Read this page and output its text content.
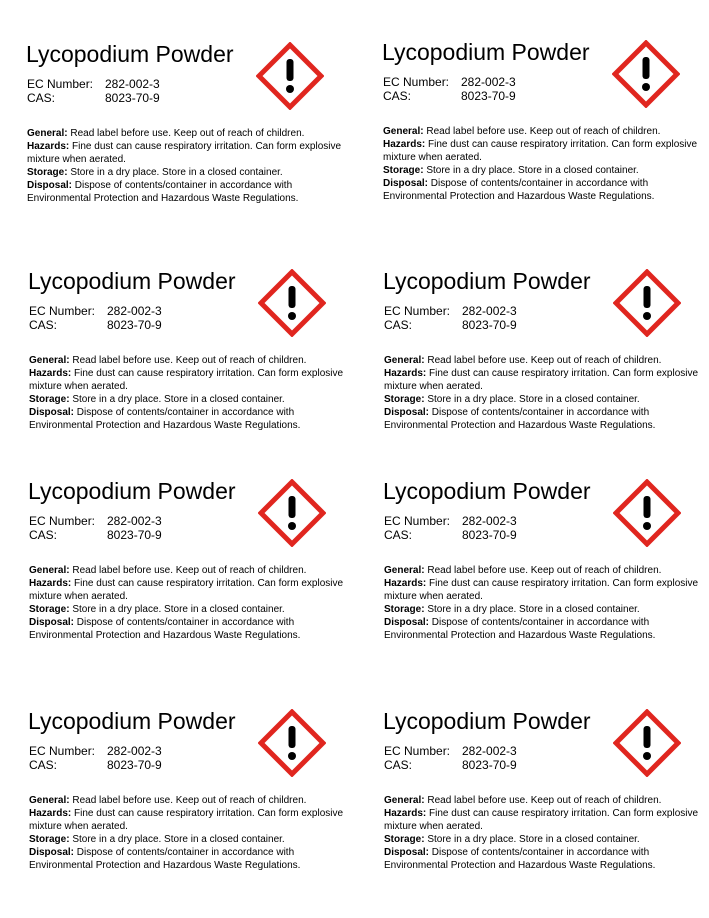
Lycopodium Powder
EC Number: 282-002-3
CAS:	8023-70-9

General: Read label before use. Keep out of reach of children.

Hazards: Fine dust can cause respiratory irritation. Can form explosive mixture when aerated.

Storage: Store in a dry place. Store in a closed container.

Disposal: Dispose of contents/container in accordance with Environmental Protection and Hazardous Waste Regulations.

Lycopodium Powder
EC Number: 282-002-3
CAS:	8023-70-9

General: Read label before use. Keep out of reach of children.

Hazards: Fine dust can cause respiratory irritation. Can form explosive mixture when aerated.

Storage: Store in a dry place. Store in a closed container.

Disposal: Dispose of contents/container in accordance with Environmental Protection and Hazardous Waste Regulations.

Lycopodium Powder
EC Number: 282-002-3
CAS:	8023-70-9

General: Read label before use. Keep out of reach of children.

Hazards: Fine dust can cause respiratory irritation. Can form explosive mixture when aerated.

Storage: Store in a dry place. Store in a closed container.

Disposal: Dispose of contents/container in accordance with Environmental Protection and Hazardous Waste Regulations.

Lycopodium Powder
EC Number: 282-002-3
CAS:	8023-70-9

General: Read label before use. Keep out of reach of children.

Hazards: Fine dust can cause respiratory irritation. Can form explosive mixture when aerated.

Storage: Store in a dry place. Store in a closed container.

Disposal: Dispose of contents/container in accordance with Environmental Protection and Hazardous Waste Regulations.

Lycopodium Powder
EC Number: 282-002-3
CAS:	8023-70-9

General: Read label before use. Keep out of reach of children.

Hazards: Fine dust can cause respiratory irritation. Can form explosive mixture when aerated.

Storage: Store in a dry place. Store in a closed container.

Disposal: Dispose of contents/container in accordance with Environmental Protection and Hazardous Waste Regulations.

Lycopodium Powder
EC Number: 282-002-3
CAS:	8023-70-9

General: Read label before use. Keep out of reach of children.

Hazards: Fine dust can cause respiratory irritation. Can form explosive mixture when aerated.

Storage: Store in a dry place. Store in a closed container.

Disposal: Dispose of contents/container in accordance with Environmental Protection and Hazardous Waste Regulations.

Lycopodium Powder
EC Number: 282-002-3
CAS:	8023-70-9

General: Read label before use. Keep out of reach of children.

Hazards: Fine dust can cause respiratory irritation. Can form explosive mixture when aerated.

Storage: Store in a dry place. Store in a closed container.

Disposal: Dispose of contents/container in accordance with Environmental Protection and Hazardous Waste Regulations.

Lycopodium Powder
EC Number: 282-002-3
CAS:	8023-70-9

General: Read label before use. Keep out of reach of children.

Hazards: Fine dust can cause respiratory irritation. Can form explosive mixture when aerated.

Storage: Store in a dry place. Store in a closed container.

Disposal: Dispose of contents/container in accordance with Environmental Protection and Hazardous Waste Regulations.
